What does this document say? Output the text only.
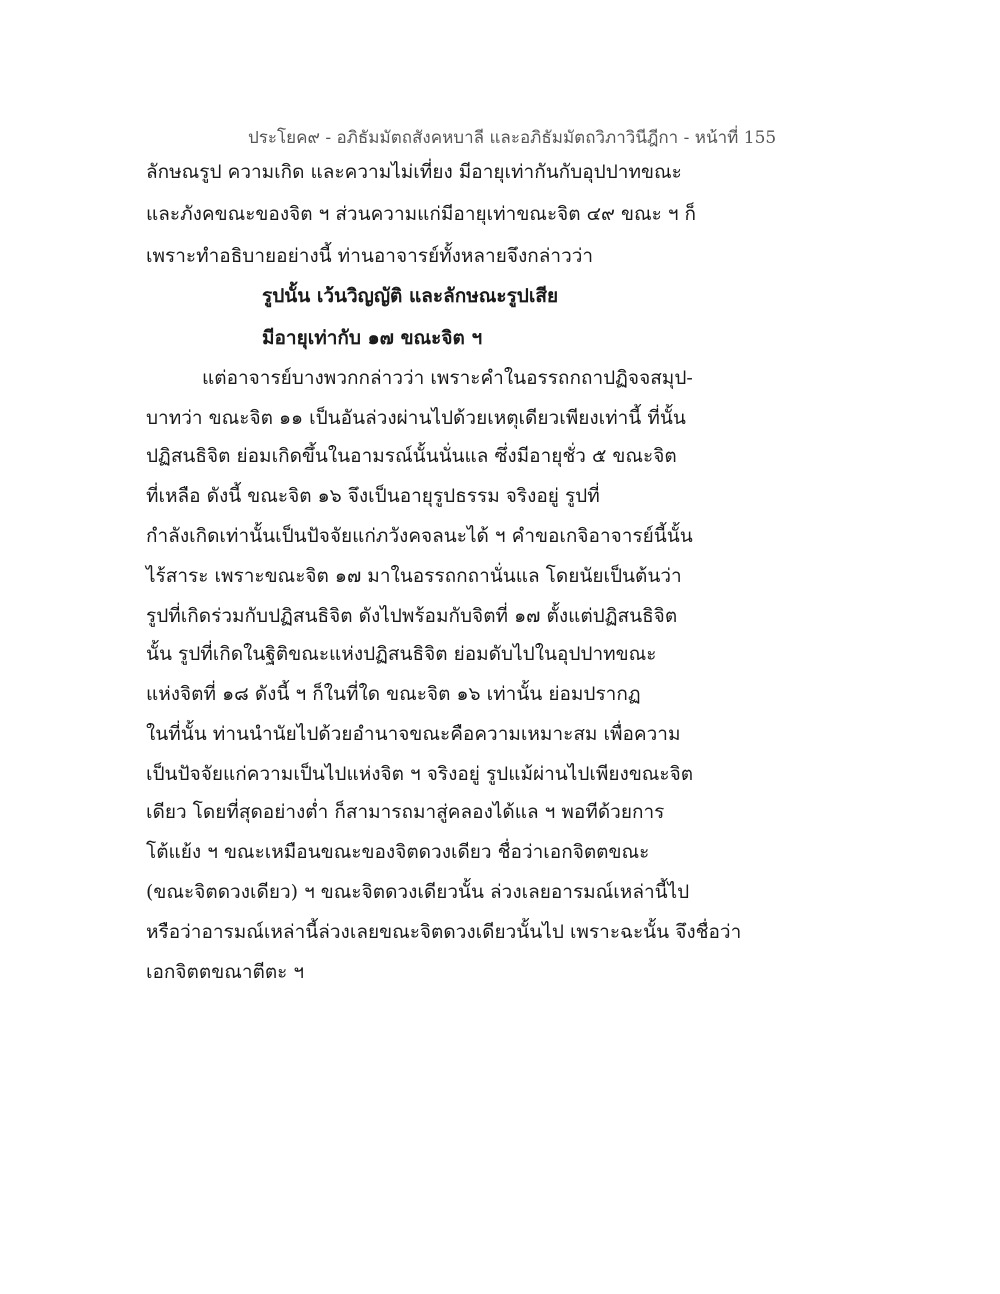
ประโยค๙ - อภิธัมมัตถสังคหบาลี และอภิธัมมัตถวิภาวินีฎีกา - หน้าที่ 155
ลักษณรูป ความเกิด และความไม่เที่ยง มีอายุเท่ากันกับอุปปาทขณะ
และภังคขณะของจิต ฯ ส่วนความแก่มีอายุเท่าขณะจิต ๔๙ ขณะ ฯ ก็
เพราะทำอธิบายอย่างนี้ ท่านอาจารย์ทั้งหลายจึงกล่าวว่า
รูปนั้น เว้นวิญญัติ และลักษณะรูปเสีย
มีอายุเท่ากับ ๑๗ ขณะจิต ฯ
แต่อาจารย์บางพวกกล่าวว่า เพราะคำในอรรถกถาปฏิจจสมุป-
บาทว่า ขณะจิต ๑๑ เป็นอันล่วงผ่านไปด้วยเหตุเดียวเพียงเท่านี้ ที่นั้น
ปฏิสนธิจิต ย่อมเกิดขึ้นในอามรณ์นั้นนั่นแล ซึ่งมีอายุชั่ว ๕ ขณะจิต
ที่เหลือ ดังนี้ ขณะจิต ๑๖ จึงเป็นอายุรูปธรรม จริงอยู่ รูปที่
กำลังเกิดเท่านั้นเป็นปัจจัยแก่ภวังคจลนะได้ ฯ คำขอเกจิอาจารย์นี้นั้น
ไร้สาระ เพราะขณะจิต ๑๗ มาในอรรถกถานั่นแล โดยนัยเป็นต้นว่า
รูปที่เกิดร่วมกับปฏิสนธิจิต ดังไปพร้อมกับจิตที่ ๑๗ ตั้งแต่ปฏิสนธิจิต
นั้น รูปที่เกิดในฐิติขณะแห่งปฏิสนธิจิต ย่อมดับไปในอุปปาทขณะ
แห่งจิตที่ ๑๘ ดังนี้ ฯ ก็ในที่ใด ขณะจิต ๑๖ เท่านั้น ย่อมปรากฏ
ในที่นั้น ท่านนำนัยไปด้วยอำนาจขณะคือความเหมาะสม เพื่อความ
เป็นปัจจัยแก่ความเป็นไปแห่งจิต ฯ จริงอยู่ รูปแม้ผ่านไปเพียงขณะจิต
เดียว โดยที่สุดอย่างต่ำ ก็สามารถมาสู่คลองได้แล ฯ พอทีด้วยการ
โต้แย้ง ฯ ขณะเหมือนขณะของจิตดวงเดียว ชื่อว่าเอกจิตตขณะ
(ขณะจิตดวงเดียว) ฯ ขณะจิตดวงเดียวนั้น ล่วงเลยอารมณ์เหล่านี้ไป
หรือว่าอารมณ์เหล่านี้ล่วงเลยขณะจิตดวงเดียวนั้นไป เพราะฉะนั้น จึงชื่อว่า
เอกจิตตขณาตีตะ ฯ
